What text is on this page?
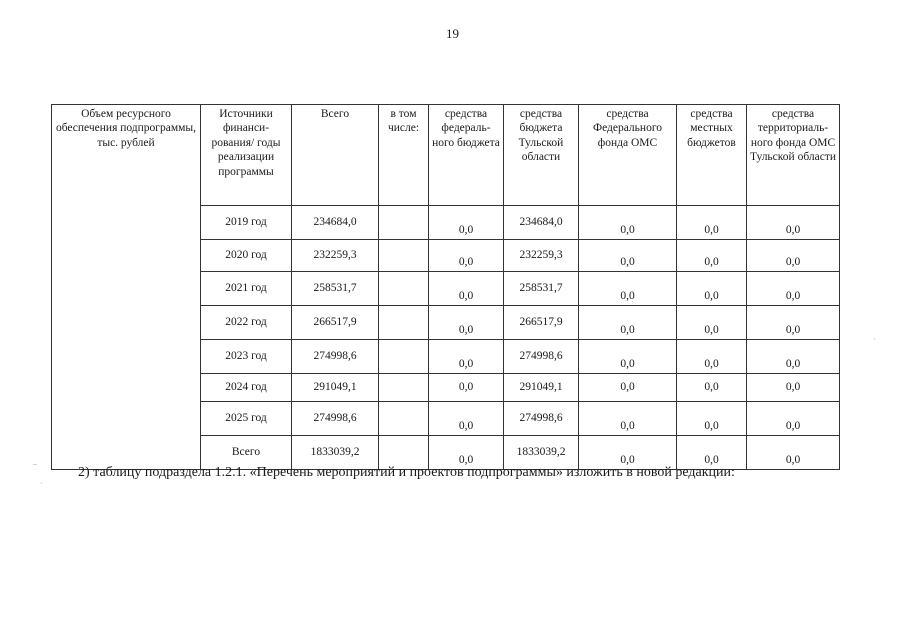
19
Объем ресурсного обеспечения подпрограммы, тыс. рублей	Источники финанси-рования/ годы реализации программы	Всего	в том числе:	средства федераль-ного бюджета	средства бюджета Тульской области	средства Федерального фонда ОМС	средства местных бюджетов	средства территориаль-ного фонда ОМС Тульской области
	2019 год	234684,0		0,0	234684,0	0,0	0,0	0,0
	2020 год	232259,3		0,0	232259,3	0,0	0,0	0,0
	2021 год	258531,7		0,0	258531,7	0,0	0,0	0,0
	2022 год	266517,9		0,0	266517,9	0,0	0,0	0,0
	2023 год	274998,6		0,0	274998,6	0,0	0,0	0,0
	2024 год	291049,1		0,0	291049,1	0,0	0,0	0,0
	2025 год	274998,6		0,0	274998,6	0,0	0,0	0,0
	Всего	1833039,2		0,0	1833039,2	0,0	0,0	0,0
‒
·
·
2) таблицу подраздела 1.2.1. «Перечень мероприятий и проектов подпрограммы» изложить в новой редакции:
